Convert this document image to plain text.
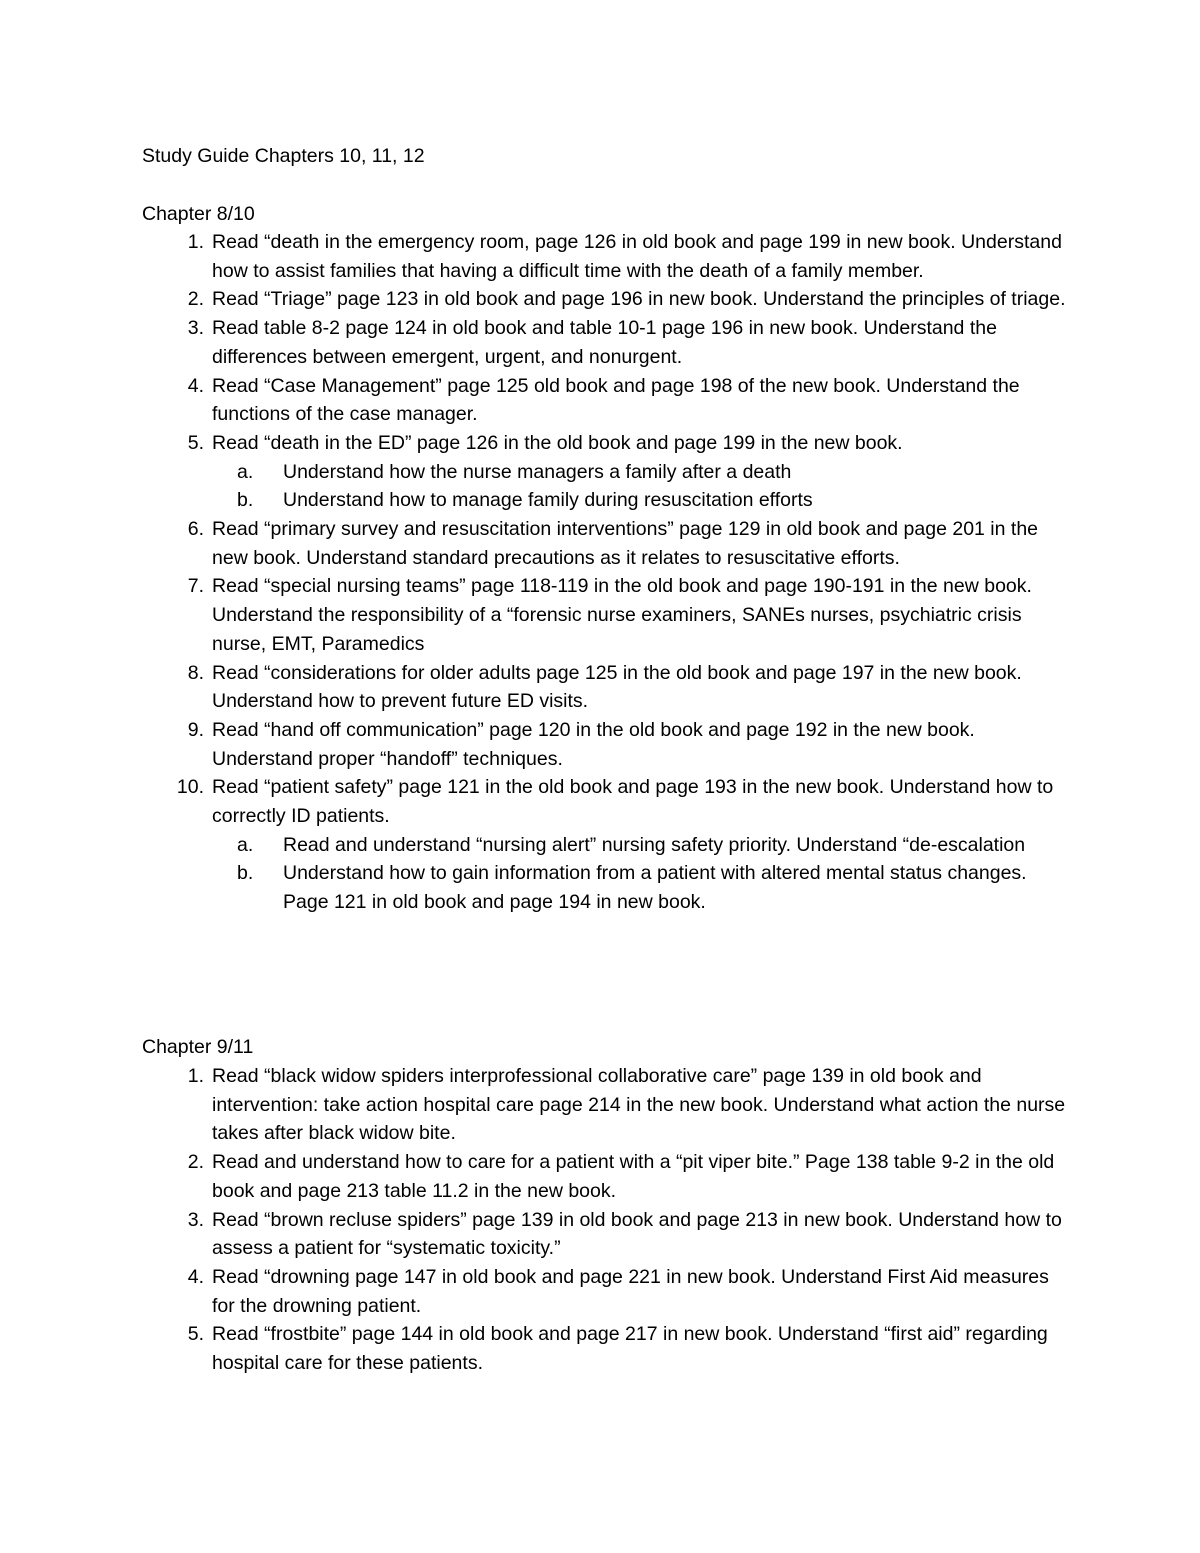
Study Guide Chapters 10, 11, 12
Chapter 8/10
1. Read “death in the emergency room, page 126 in old book and page 199 in new book. Understand how to assist families that having a difficult time with the death of a family member.
2. Read “Triage” page 123 in old book and page 196 in new book. Understand the principles of triage.
3. Read table 8-2 page 124 in old book and table 10-1 page 196 in new book. Understand the differences between emergent, urgent, and nonurgent.
4. Read “Case Management” page 125 old book and page 198 of the new book. Understand the functions of the case manager.
5. Read “death in the ED” page 126 in the old book and page 199 in the new book.
a.	Understand how the nurse managers a family after a death
b.	Understand how to manage family during resuscitation efforts
6. Read “primary survey and resuscitation interventions” page 129 in old book and page 201 in the new book. Understand standard precautions as it relates to resuscitative efforts.
7. Read “special nursing teams” page 118-119 in the old book and page 190-191 in the new book. Understand the responsibility of a “forensic nurse examiners, SANEs nurses, psychiatric crisis nurse, EMT, Paramedics
8. Read “considerations for older adults page 125 in the old book and page 197 in the new book. Understand how to prevent future ED visits.
9. Read “hand off communication” page 120 in the old book and page 192 in the new book. Understand proper “handoff” techniques.
10. Read “patient safety” page 121 in the old book and page 193 in the new book. Understand how to correctly ID patients.
a.	Read and understand “nursing alert” nursing safety priority. Understand “de-escalation
b.	Understand how to gain information from a patient with altered mental status changes. Page 121 in old book and page 194 in new book.
Chapter 9/11
1. Read “black widow spiders interprofessional collaborative care” page 139 in old book and intervention: take action hospital care page 214 in the new book. Understand what action the nurse takes after black widow bite.
2. Read and understand how to care for a patient with a “pit viper bite.” Page 138 table 9-2 in the old book and page 213 table 11.2 in the new book.
3. Read “brown recluse spiders” page 139 in old book and page 213 in new book. Understand how to assess a patient for “systematic toxicity.”
4. Read “drowning page 147 in old book and page 221 in new book. Understand First Aid measures for the drowning patient.
5. Read “frostbite” page 144 in old book and page 217 in new book. Understand “first aid” regarding hospital care for these patients.
